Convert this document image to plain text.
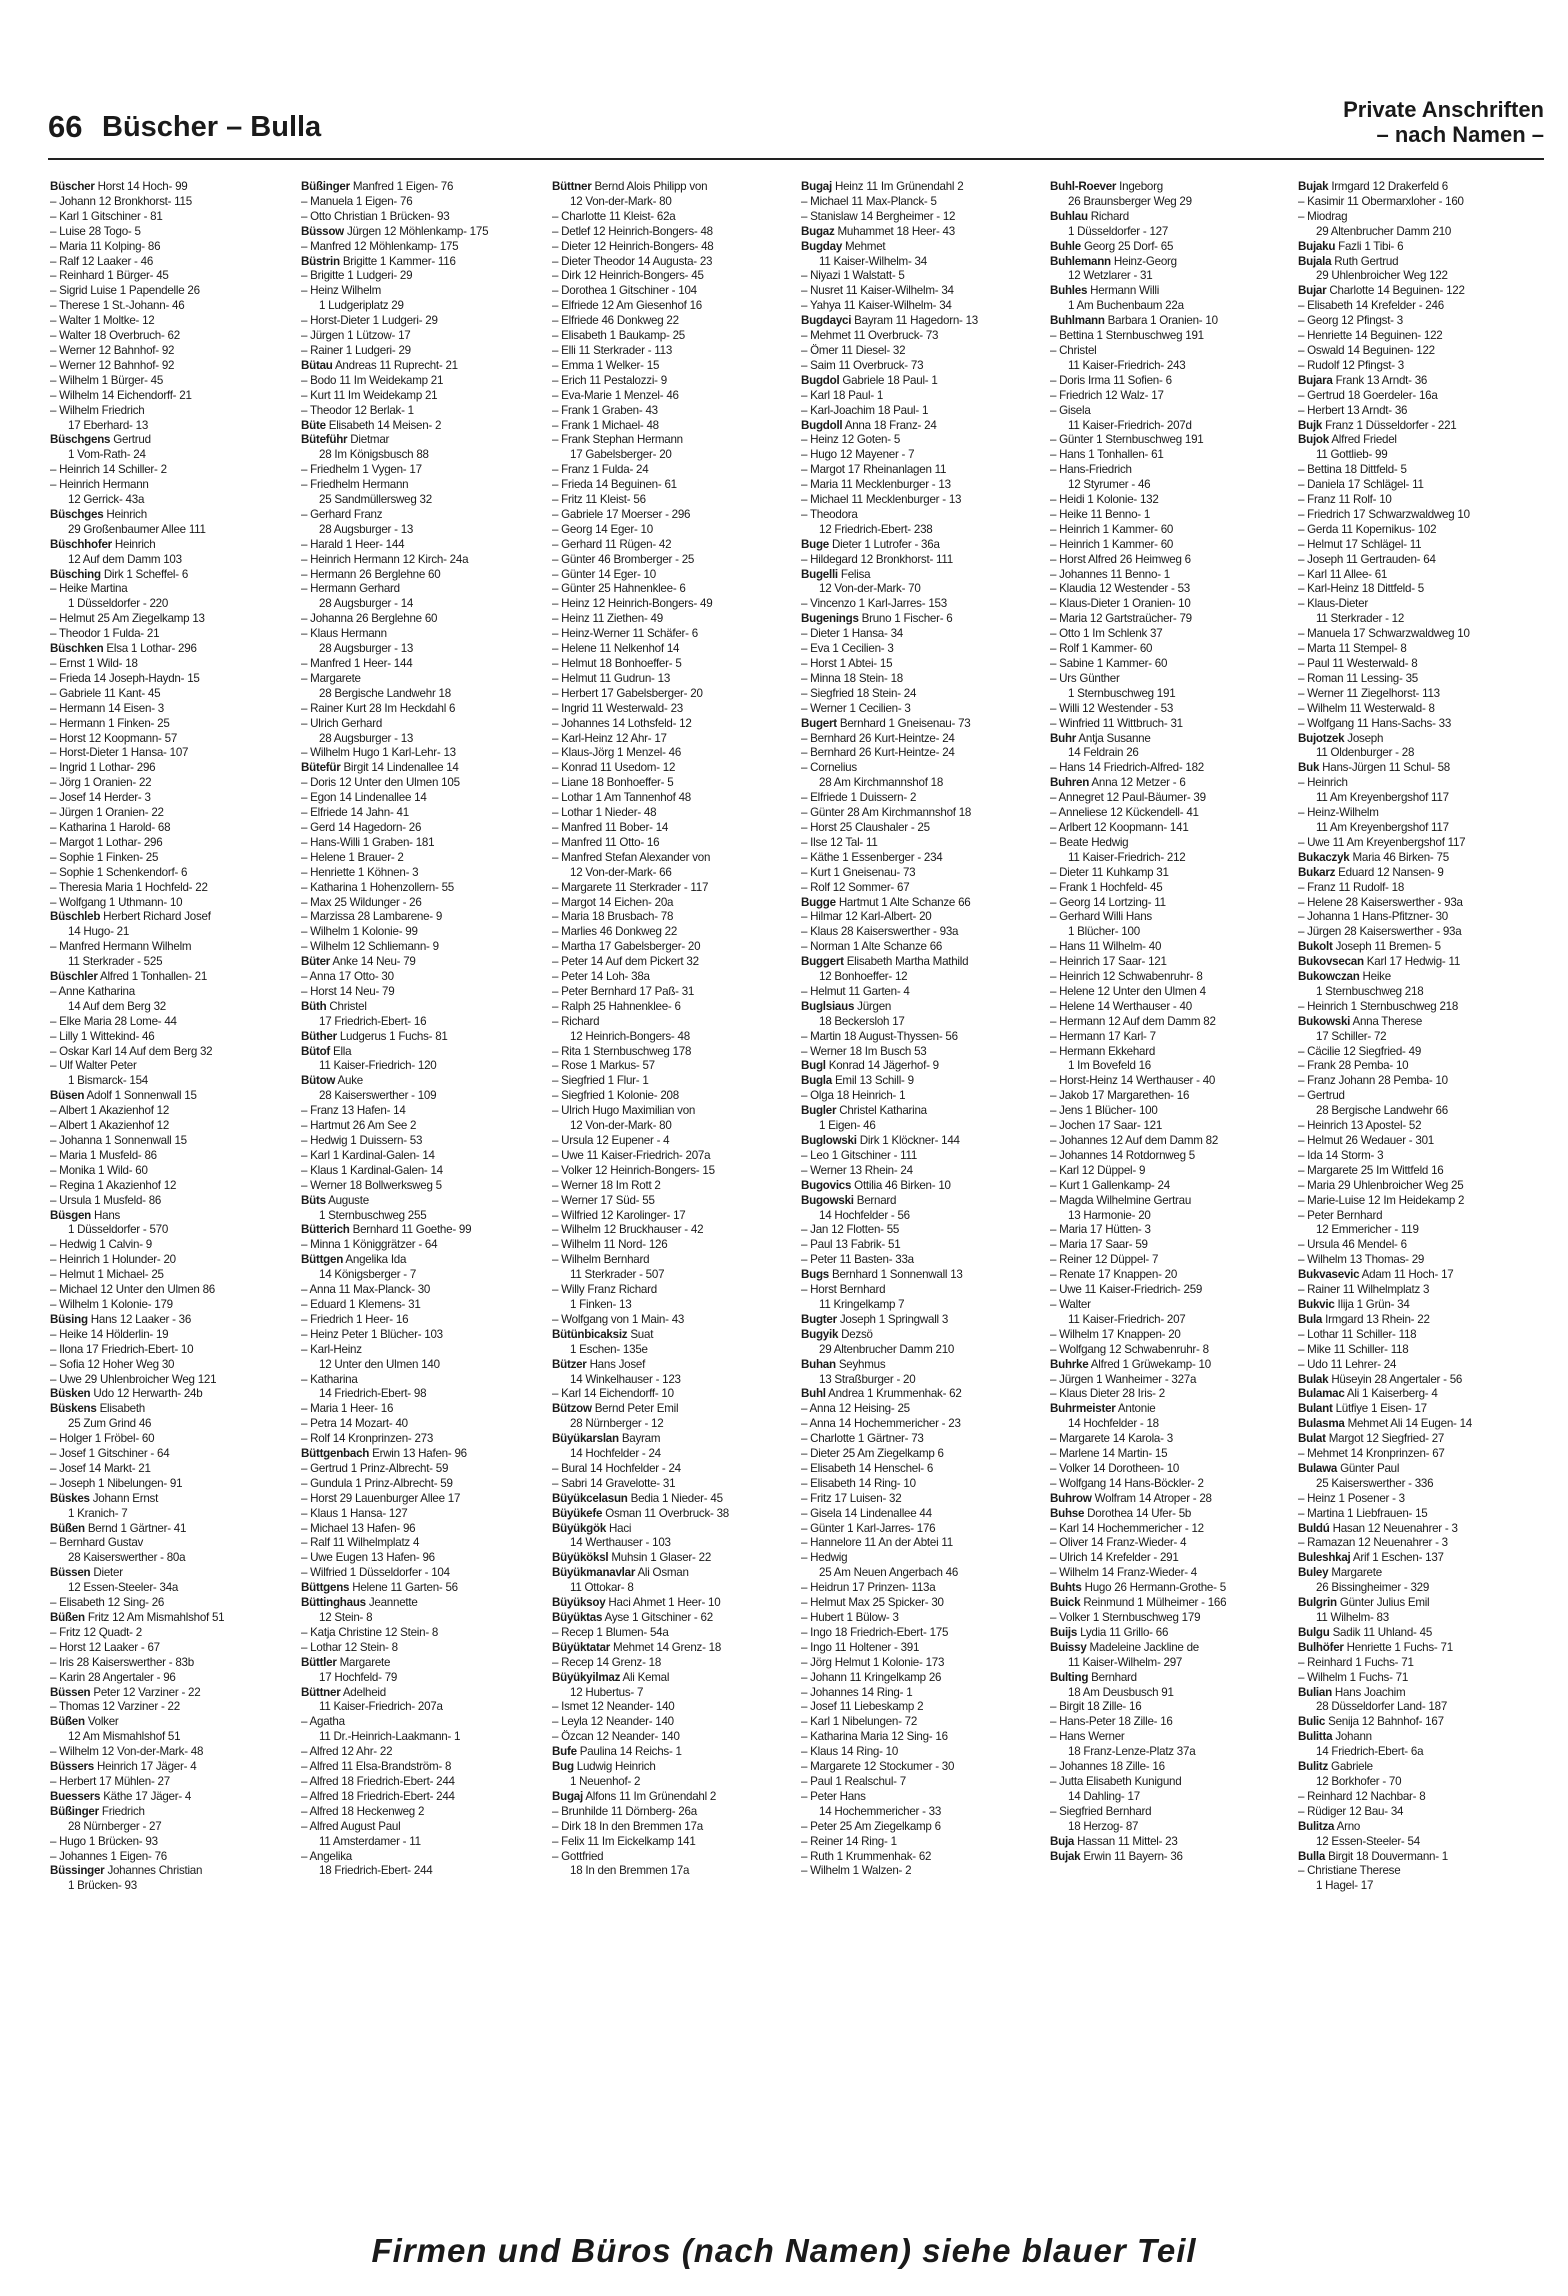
66 Büscher – Bulla
Private Anschriften
– nach Namen –
Büscher Horst 14 Hoch- 99
– Johann 12 Bronkhorst- 115
– Karl 1 Gitschiner - 81
– Luise 28 Togo- 5
– Maria 11 Kolping- 86
– Ralf 12 Laaker - 46
– Reinhard 1 Bürger- 45
– Sigrid Luise 1 Papendelle 26
– Therese 1 St.-Johann- 46
– Walter 1 Moltke- 12
– Walter 18 Overbruch- 62
– Werner 12 Bahnhof- 92
– Werner 12 Bahnhof- 92
– Wilhelm 1 Bürger- 45
– Wilhelm 14 Eichendorff- 21
– Wilhelm Friedrich
17 Eberhard- 13
Büschgens Gertrud
1 Vom-Rath- 24
– Heinrich 14 Schiller- 2
– Heinrich Hermann
12 Gerrick- 43a
Büschges Heinrich
29 Großenbaumer Allee 111
Büschhofer Heinrich
12 Auf dem Damm 103
Büsching Dirk 1 Scheffel- 6
– Heike Martina
1 Düsseldorfer - 220
– Helmut 25 Am Ziegelkamp 13
– Theodor 1 Fulda- 21
Büschken Elsa 1 Lothar- 296
– Ernst 1 Wild- 18
– Frieda 14 Joseph-Haydn- 15
– Gabriele 11 Kant- 45
– Hermann 14 Eisen- 3
– Hermann 1 Finken- 25
– Horst 12 Koopmann- 57
– Horst-Dieter 1 Hansa- 107
– Ingrid 1 Lothar- 296
– Jörg 1 Oranien- 22
– Josef 14 Herder- 3
– Jürgen 1 Oranien- 22
– Katharina 1 Harold- 68
– Margot 1 Lothar- 296
– Sophie 1 Finken- 25
– Sophie 1 Schenkendorf- 6
– Theresia Maria 1 Hochfeld- 22
– Wolfgang 1 Uthmann- 10
Büschleb Herbert Richard Josef
14 Hugo- 21
– Manfred Hermann Wilhelm
11 Sterkrader - 525
Büschler Alfred 1 Tonhallen- 21
– Anne Katharina
14 Auf dem Berg 32
– Elke Maria 28 Lome- 44
– Lilly 1 Wittekind- 46
– Oskar Karl 14 Auf dem Berg 32
– Ulf Walter Peter
1 Bismarck- 154
Büsen Adolf 1 Sonnenwall 15
– Albert 1 Akazienhof 12
– Albert 1 Akazienhof 12
– Johanna 1 Sonnenwall 15
– Maria 1 Musfeld- 86
– Monika 1 Wild- 60
– Regina 1 Akazienhof 12
– Ursula 1 Musfeld- 86
Büsgen Hans
1 Düsseldorfer - 570
– Hedwig 1 Calvin- 9
– Heinrich 1 Holunder- 20
– Helmut 1 Michael- 25
– Michael 12 Unter den Ulmen 86
– Wilhelm 1 Kolonie- 179
Büsing Hans 12 Laaker - 36
– Heike 14 Hölderlin- 19
– Ilona 17 Friedrich-Ebert- 10
– Sofia 12 Hoher Weg 30
– Uwe 29 Uhlenbroicher Weg 121
Büsken Udo 12 Herwarth- 24b
Büskens Elisabeth
25 Zum Grind 46
– Holger 1 Fröbel- 60
– Josef 1 Gitschiner - 64
– Josef 14 Markt- 21
– Joseph 1 Nibelungen- 91
Büskes Johann Ernst
1 Kranich- 7
Büßen Bernd 1 Gärtner- 41
– Bernhard Gustav
28 Kaiserswerther - 80a
Büssen Dieter
12 Essen-Steeler- 34a
– Elisabeth 12 Sing- 26
Büßen Fritz 12 Am Mismahlshof 51
– Fritz 12 Quadt- 2
– Horst 12 Laaker - 67
– Iris 28 Kaiserswerther - 83b
– Karin 28 Angertaler - 96
Büssen Peter 12 Varziner - 22
– Thomas 12 Varziner - 22
Büßen Volker
12 Am Mismahlshof 51
– Wilhelm 12 Von-der-Mark- 48
Büssers Heinrich 17 Jäger- 4
– Herbert 17 Mühlen- 27
Buessers Käthe 17 Jäger- 4
Büßinger Friedrich
28 Nürnberger - 27
– Hugo 1 Brücken- 93
– Johannes 1 Eigen- 76
Büssinger Johannes Christian
1 Brücken- 93
Büßinger Manfred 1 Eigen- 76
– Manuela 1 Eigen- 76
– Otto Christian 1 Brücken- 93
Büssow Jürgen 12 Möhlenkamp- 175
– Manfred 12 Möhlenkamp- 175
Büstrin Brigitte 1 Kammer- 116
– Brigitte 1 Ludgeri- 29
– Heinz Wilhelm
1 Ludgeriplatz 29
– Horst-Dieter 1 Ludgeri- 29
– Jürgen 1 Lützow- 17
– Rainer 1 Ludgeri- 29
Bütau Andreas 11 Ruprecht- 21
– Bodo 11 Im Weidekamp 21
– Kurt 11 Im Weidekamp 21
– Theodor 12 Berlak- 1
Büte Elisabeth 14 Meisen- 2
Büteführ Dietmar
28 Im Königsbusch 88
– Friedhelm 1 Vygen- 17
– Friedhelm Hermann
25 Sandmüllersweg 32
– Gerhard Franz
28 Augsburger - 13
– Harald 1 Heer- 144
– Heinrich Hermann 12 Kirch- 24a
– Hermann 26 Berglehne 60
– Hermann Gerhard
28 Augsburger - 14
– Johanna 26 Berglehne 60
– Klaus Hermann
28 Augsburger - 13
– Manfred 1 Heer- 144
– Margarete
28 Bergische Landwehr 18
– Rainer Kurt 28 Im Heckdahl 6
– Ulrich Gerhard
28 Augsburger - 13
– Wilhelm Hugo 1 Karl-Lehr- 13
Bütefür Birgit 14 Lindenallee 14
– Doris 12 Unter den Ulmen 105
– Egon 14 Lindenallee 14
– Elfriede 14 Jahn- 41
– Gerd 14 Hagedorn- 26
– Hans-Willi 1 Graben- 181
– Helene 1 Brauer- 2
– Henriette 1 Köhnen- 3
– Katharina 1 Hohenzollern- 55
– Max 25 Wildunger - 26
– Marzissa 28 Lambarene- 9
– Wilhelm 1 Kolonie- 99
– Wilhelm 12 Schliemann- 9
Büter Anke 14 Neu- 79
– Anna 17 Otto- 30
– Horst 14 Neu- 79
Büth Christel
17 Friedrich-Ebert- 16
Büther Ludgerus 1 Fuchs- 81
Bütof Ella
11 Kaiser-Friedrich- 120
Bütow Auke
28 Kaiserswerther - 109
– Franz 13 Hafen- 14
– Hartmut 26 Am See 2
– Hedwig 1 Duissern- 53
– Karl 1 Kardinal-Galen- 14
– Klaus 1 Kardinal-Galen- 14
– Werner 18 Bollwerksweg 5
Büts Auguste
1 Sternbuschweg 255
Bütterich Bernhard 11 Goethe- 99
– Minna 1 Königgrätzer - 64
Büttgen Angelika Ida
14 Königsberger - 7
– Anna 11 Max-Planck- 30
– Eduard 1 Klemens- 31
– Friedrich 1 Heer- 16
– Heinz Peter 1 Blücher- 103
– Karl-Heinz
12 Unter den Ulmen 140
– Katharina
14 Friedrich-Ebert- 98
– Maria 1 Heer- 16
– Petra 14 Mozart- 40
– Rolf 14 Kronprinzen- 273
Büttgenbach Erwin 13 Hafen- 96
– Gertrud 1 Prinz-Albrecht- 59
– Gundula 1 Prinz-Albrecht- 59
– Horst 29 Lauenburger Allee 17
– Klaus 1 Hansa- 127
– Michael 13 Hafen- 96
– Ralf 11 Wilhelmplatz 4
– Uwe Eugen 13 Hafen- 96
– Wilfried 1 Düsseldorfer - 104
Büttgens Helene 11 Garten- 56
Büttinghaus Jeannette
12 Stein- 8
– Katja Christine 12 Stein- 8
– Lothar 12 Stein- 8
Büttler Margarete
17 Hochfeld- 79
Büttner Adelheid
11 Kaiser-Friedrich- 207a
– Agatha
11 Dr.-Heinrich-Laakmann- 1
– Alfred 12 Ahr- 22
– Alfred 11 Elsa-Brandström- 8
– Alfred 18 Friedrich-Ebert- 244
– Alfred 18 Friedrich-Ebert- 244
– Alfred 18 Heckenweg 2
– Alfred August Paul
11 Amsterdamer - 11
– Angelika
18 Friedrich-Ebert- 244
Büttner Bernd Alois Philipp von
12 Von-der-Mark- 80
– Charlotte 11 Kleist- 62a
– Detlef 12 Heinrich-Bongers- 48
– Dieter 12 Heinrich-Bongers- 48
– Dieter Theodor 14 Augusta- 23
– Dirk 12 Heinrich-Bongers- 45
– Dorothea 1 Gitschiner - 104
– Elfriede 12 Am Giesenhof 16
– Elfriede 46 Donkweg 22
– Elisabeth 1 Baukamp- 25
– Elli 11 Sterkrader - 113
– Emma 1 Welker- 15
– Erich 11 Pestalozzi- 9
– Eva-Marie 1 Menzel- 46
– Frank 1 Graben- 43
– Frank 1 Michael- 48
– Frank Stephan Hermann
17 Gabelsberger- 20
– Franz 1 Fulda- 24
– Frieda 14 Beguinen- 61
– Fritz 11 Kleist- 56
– Gabriele 17 Moerser - 296
– Georg 14 Eger- 10
– Gerhard 11 Rügen- 42
– Günter 46 Bromberger - 25
– Günter 14 Eger- 10
– Günter 25 Hahnenklee- 6
– Heinz 12 Heinrich-Bongers- 49
– Heinz 11 Ziethen- 49
– Heinz-Werner 11 Schäfer- 6
– Helene 11 Nelkenhof 14
– Helmut 18 Bonhoeffer- 5
– Helmut 11 Gudrun- 13
– Herbert 17 Gabelsberger- 20
– Ingrid 11 Westerwald- 23
– Johannes 14 Lothsfeld- 12
– Karl-Heinz 12 Ahr- 17
– Klaus-Jörg 1 Menzel- 46
– Konrad 11 Usedom- 12
– Liane 18 Bonhoeffer- 5
– Lothar 1 Am Tannenhof 48
– Lothar 1 Nieder- 48
– Manfred 11 Bober- 14
– Manfred 11 Otto- 16
– Manfred Stefan Alexander von
12 Von-der-Mark- 66
– Margarete 11 Sterkrader - 117
– Margot 14 Eichen- 20a
– Maria 18 Brusbach- 78
– Marlies 46 Donkweg 22
– Martha 17 Gabelsberger- 20
– Peter 14 Auf dem Pickert 32
– Peter 14 Loh- 38a
– Peter Bernhard 17 Paß- 31
– Ralph 25 Hahnenklee- 6
– Richard
12 Heinrich-Bongers- 48
– Rita 1 Sternbuschweg 178
– Rose 1 Markus- 57
– Siegfried 1 Flur- 1
– Siegfried 1 Kolonie- 208
– Ulrich Hugo Maximilian von
12 Von-der-Mark- 80
– Ursula 12 Eupener - 4
– Uwe 11 Kaiser-Friedrich- 207a
– Volker 12 Heinrich-Bongers- 15
– Werner 18 Im Rott 2
– Werner 17 Süd- 55
– Wilfried 12 Karolinger- 17
– Wilhelm 12 Bruckhauser - 42
– Wilhelm 11 Nord- 126
– Wilhelm Bernhard
11 Sterkrader - 507
– Willy Franz Richard
1 Finken- 13
– Wolfgang von 1 Main- 43
Bütünbicaksiz Suat
1 Eschen- 135e
Bützer Hans Josef
14 Winkelhauser - 123
– Karl 14 Eichendorff- 10
Bützow Bernd Peter Emil
28 Nürnberger - 12
Büyükarslan Bayram
14 Hochfelder - 24
– Bural 14 Hochfelder - 24
– Sabri 14 Gravelotte- 31
Büyükcelasun Bedia 1 Nieder- 45
Büyükefe Osman 11 Overbruck- 38
Büyükgök Haci
14 Werthauser - 103
Büyüköksl Muhsin 1 Glaser- 22
Büyükmanavlar Ali Osman
11 Ottokar- 8
Büyüksoy Haci Ahmet 1 Heer- 10
Büyüktas Ayse 1 Gitschiner - 62
– Recep 1 Blumen- 54a
Büyüktatar Mehmet 14 Grenz- 18
– Recep 14 Grenz- 18
Büyükyilmaz Ali Kemal
12 Hubertus- 7
– Ismet 12 Neander- 140
– Leyla 12 Neander- 140
– Özcan 12 Neander- 140
Bufe Paulina 14 Reichs- 1
Bug Ludwig Heinrich
1 Neuenhof- 2
Bugaj Alfons 11 Im Grünendahl 2
– Brunhilde 11 Dörnberg- 26a
– Dirk 18 In den Bremmen 17a
– Felix 11 Im Eickelkamp 141
– Gottfried
18 In den Bremmen 17a
Bugaj Heinz 11 Im Grünendahl 2
– Michael 11 Max-Planck- 5
– Stanislaw 14 Bergheimer - 12
Bugaz Muhammet 18 Heer- 43
Bugday Mehmet
11 Kaiser-Wilhelm- 34
– Niyazi 1 Walstatt- 5
– Nusret 11 Kaiser-Wilhelm- 34
– Yahya 11 Kaiser-Wilhelm- 34
Bugdayci Bayram 11 Hagedorn- 13
– Mehmet 11 Overbruck- 73
– Ömer 11 Diesel- 32
– Saim 11 Overbruck- 73
Bugdol Gabriele 18 Paul- 1
– Karl 18 Paul- 1
– Karl-Joachim 18 Paul- 1
Bugdoll Anna 18 Franz- 24
– Heinz 12 Goten- 5
– Hugo 12 Mayener - 7
– Margot 17 Rheinanlagen 11
– Maria 11 Mecklenburger - 13
– Michael 11 Mecklenburger - 13
– Theodora
12 Friedrich-Ebert- 238
Buge Dieter 1 Lutrofer - 36a
– Hildegard 12 Bronkhorst- 111
Bugelli Felisa
12 Von-der-Mark- 70
– Vincenzo 1 Karl-Jarres- 153
Bugenings Bruno 1 Fischer- 6
– Dieter 1 Hansa- 34
– Eva 1 Cecilien- 3
– Horst 1 Abtei- 15
– Minna 18 Stein- 18
– Siegfried 18 Stein- 24
– Werner 1 Cecilien- 3
Bugert Bernhard 1 Gneisenau- 73
– Bernhard 26 Kurt-Heintze- 24
– Bernhard 26 Kurt-Heintze- 24
– Cornelius
28 Am Kirchmannshof 18
– Elfriede 1 Duissern- 2
– Günter 28 Am Kirchmannshof 18
– Horst 25 Claushaler - 25
– Ilse 12 Tal- 11
– Käthe 1 Essenberger - 234
– Kurt 1 Gneisenau- 73
– Rolf 12 Sommer- 67
Bugge Hartmut 1 Alte Schanze 66
– Hilmar 12 Karl-Albert- 20
– Klaus 28 Kaiserswerther - 93a
– Norman 1 Alte Schanze 66
Buggert Elisabeth Martha Mathild
12 Bonhoeffer- 12
– Helmut 11 Garten- 4
Buglsiaus Jürgen
18 Beckersloh 17
– Martin 18 August-Thyssen- 56
– Werner 18 Im Busch 53
Bugl Konrad 14 Jägerhof- 9
Bugla Emil 13 Schill- 9
– Olga 18 Heinrich- 1
Bugler Christel Katharina
1 Eigen- 46
Buglowski Dirk 1 Klöckner- 144
– Leo 1 Gitschiner - 111
– Werner 13 Rhein- 24
Bugovics Ottilia 46 Birken- 10
Bugowski Bernard
14 Hochfelder - 56
– Jan 12 Flotten- 55
– Paul 13 Fabrik- 51
– Peter 11 Basten- 33a
Bugs Bernhard 1 Sonnenwall 13
– Horst Bernhard
11 Kringelkamp 7
Bugter Joseph 1 Springwall 3
Bugyik Dezsö
29 Altenbrucher Damm 210
Buhan Seyhmus
13 Straßburger - 20
Buhl Andrea 1 Krummenhak- 62
– Anna 12 Heising- 25
– Anna 14 Hochemmericher - 23
– Charlotte 1 Gärtner- 73
– Dieter 25 Am Ziegelkamp 6
– Elisabeth 14 Henschel- 6
– Elisabeth 14 Ring- 10
– Fritz 17 Luisen- 32
– Gisela 14 Lindenallee 44
– Günter 1 Karl-Jarres- 176
– Hannelore 11 An der Abtei 11
– Hedwig
25 Am Neuen Angerbach 46
– Heidrun 17 Prinzen- 113a
– Helmut Max 25 Spicker- 30
– Hubert 1 Bülow- 3
– Ingo 18 Friedrich-Ebert- 175
– Ingo 11 Holtener - 391
– Jörg Helmut 1 Kolonie- 173
– Johann 11 Kringelkamp 26
– Johannes 14 Ring- 1
– Josef 11 Liebeskamp 2
– Karl 1 Nibelungen- 72
– Katharina Maria 12 Sing- 16
– Klaus 14 Ring- 10
– Margarete 12 Stockumer - 30
– Paul 1 Realschul- 7
– Peter Hans
14 Hochemmericher - 33
– Peter 25 Am Ziegelkamp 6
– Reiner 14 Ring- 1
– Ruth 1 Krummenhak- 62
– Wilhelm 1 Walzen- 2
Buhl-Roever Ingeborg
26 Braunsberger Weg 29
Buhlau Richard
1 Düsseldorfer - 127
Buhle Georg 25 Dorf- 65
Buhlemann Heinz-Georg
12 Wetzlarer - 31
Buhles Hermann Willi
1 Am Buchenbaum 22a
Buhlmann Barbara 1 Oranien- 10
– Bettina 1 Sternbuschweg 191
– Christel
11 Kaiser-Friedrich- 243
– Doris Irma 11 Sofien- 6
– Friedrich 12 Walz- 17
– Gisela
11 Kaiser-Friedrich- 207d
– Günter 1 Sternbuschweg 191
– Hans 1 Tonhallen- 61
– Hans-Friedrich
12 Styrumer - 46
– Heidi 1 Kolonie- 132
– Heike 11 Benno- 1
– Heinrich 1 Kammer- 60
– Heinrich 1 Kammer- 60
– Horst Alfred 26 Heimweg 6
– Johannes 11 Benno- 1
– Klaudia 12 Westender - 53
– Klaus-Dieter 1 Oranien- 10
– Maria 12 Gartstraücher- 79
– Otto 1 Im Schlenk 37
– Rolf 1 Kammer- 60
– Sabine 1 Kammer- 60
– Urs Günther
1 Sternbuschweg 191
– Willi 12 Westender - 53
– Winfried 11 Wittbruch- 31
Buhr Antja Susanne
14 Feldrain 26
– Hans 14 Friedrich-Alfred- 182
Buhren Anna 12 Metzer - 6
– Annegret 12 Paul-Bäumer- 39
– Anneliese 12 Kückendell- 41
– Arlbert 12 Koopmann- 141
– Beate Hedwig
11 Kaiser-Friedrich- 212
– Dieter 11 Kuhkamp 31
– Frank 1 Hochfeld- 45
– Georg 14 Lortzing- 11
– Gerhard Willi Hans
1 Blücher- 100
– Hans 11 Wilhelm- 40
– Heinrich 17 Saar- 121
– Heinrich 12 Schwabenruhr- 8
– Helene 12 Unter den Ulmen 4
– Helene 14 Werthauser - 40
– Hermann 12 Auf dem Damm 82
– Hermann 17 Karl- 7
– Hermann Ekkehard
1 Im Bovefeld 16
– Horst-Heinz 14 Werthauser - 40
– Jakob 17 Margarethen- 16
– Jens 1 Blücher- 100
– Jochen 17 Saar- 121
– Johannes 12 Auf dem Damm 82
– Johannes 14 Rotdornweg 5
– Karl 12 Düppel- 9
– Kurt 1 Gallenkamp- 24
– Magda Wilhelmine Gertrau
13 Harmonie- 20
– Maria 17 Hütten- 3
– Maria 17 Saar- 59
– Reiner 12 Düppel- 7
– Renate 17 Knappen- 20
– Uwe 11 Kaiser-Friedrich- 259
– Walter
11 Kaiser-Friedrich- 207
– Wilhelm 17 Knappen- 20
– Wolfgang 12 Schwabenruhr- 8
Buhrke Alfred 1 Grüwekamp- 10
– Jürgen 1 Wanheimer - 327a
– Klaus Dieter 28 Iris- 2
Buhrmeister Antonie
14 Hochfelder - 18
– Margarete 14 Karola- 3
– Marlene 14 Martin- 15
– Volker 14 Dorotheen- 10
– Wolfgang 14 Hans-Böckler- 2
Buhrow Wolfram 14 Atroper - 28
Buhse Dorothea 14 Ufer- 5b
– Karl 14 Hochemmericher - 12
– Oliver 14 Franz-Wieder- 4
– Ulrich 14 Krefelder - 291
– Wilhelm 14 Franz-Wieder- 4
Buhts Hugo 26 Hermann-Grothe- 5
Buick Reinmund 1 Mülheimer - 166
– Volker 1 Sternbuschweg 179
Buijs Lydia 11 Grillo- 66
Buissy Madeleine Jackline de
11 Kaiser-Wilhelm- 297
Bulting Bernhard
18 Am Deusbusch 91
– Birgit 18 Zille- 16
– Hans-Peter 18 Zille- 16
– Hans Werner
18 Franz-Lenze-Platz 37a
– Johannes 18 Zille- 16
– Jutta Elisabeth Kunigund
14 Dahling- 17
– Siegfried Bernhard
18 Herzog- 87
Buja Hassan 11 Mittel- 23
Bujak Erwin 11 Bayern- 36
Bujak Irmgard 12 Drakerfeld 6
– Kasimir 11 Obermarxloher - 160
– Miodrag
29 Altenbrucher Damm 210
Bujaku Fazli 1 Tibi- 6
Bujala Ruth Gertrud
29 Uhlenbroicher Weg 122
Bujar Charlotte 14 Beguinen- 122
– Elisabeth 14 Krefelder - 246
– Georg 12 Pfingst- 3
– Henriette 14 Beguinen- 122
– Oswald 14 Beguinen- 122
– Rudolf 12 Pfingst- 3
Bujara Frank 13 Arndt- 36
– Gertrud 18 Goerdeler- 16a
– Herbert 13 Arndt- 36
Bujk Franz 1 Düsseldorfer - 221
Bujok Alfred Friedel
11 Gottlieb- 99
– Bettina 18 Dittfeld- 5
– Daniela 17 Schlägel- 11
– Franz 11 Rolf- 10
– Friedrich 17 Schwarzwaldweg 10
– Gerda 11 Kopernikus- 102
– Helmut 17 Schlägel- 11
– Joseph 11 Gertrauden- 64
– Karl 11 Allee- 61
– Karl-Heinz 18 Dittfeld- 5
– Klaus-Dieter
11 Sterkrader - 12
– Manuela 17 Schwarzwaldweg 10
– Marta 11 Stempel- 8
– Paul 11 Westerwald- 8
– Roman 11 Lessing- 35
– Werner 11 Ziegelhorst- 113
– Wilhelm 11 Westerwald- 8
– Wolfgang 11 Hans-Sachs- 33
Bujotzek Joseph
11 Oldenburger - 28
Buk Hans-Jürgen 11 Schul- 58
– Heinrich
11 Am Kreyenbergshof 117
– Heinz-Wilhelm
11 Am Kreyenbergshof 117
– Uwe 11 Am Kreyenbergshof 117
Bukaczyk Maria 46 Birken- 75
Bukarz Eduard 12 Nansen- 9
– Franz 11 Rudolf- 18
– Helene 28 Kaiserswerther - 93a
– Johanna 1 Hans-Pfitzner- 30
– Jürgen 28 Kaiserswerther - 93a
Bukolt Joseph 11 Bremen- 5
Bukovsecan Karl 17 Hedwig- 11
Bukowczan Heike
1 Sternbuschweg 218
– Heinrich 1 Sternbuschweg 218
Bukowski Anna Therese
17 Schiller- 72
– Cäcilie 12 Siegfried- 49
– Frank 28 Pemba- 10
– Franz Johann 28 Pemba- 10
– Gertrud
28 Bergische Landwehr 66
– Heinrich 13 Apostel- 52
– Helmut 26 Wedauer - 301
– Ida 14 Storm- 3
– Margarete 25 Im Wittfeld 16
– Maria 29 Uhlenbroicher Weg 25
– Marie-Luise 12 Im Heidekamp 2
– Peter Bernhard
12 Emmericher - 119
– Ursula 46 Mendel- 6
– Wilhelm 13 Thomas- 29
Bukvasevic Adam 11 Hoch- 17
– Rainer 11 Wilhelmplatz 3
Bukvic Ilija 1 Grün- 34
Bula Irmgard 13 Rhein- 22
– Lothar 11 Schiller- 118
– Mike 11 Schiller- 118
– Udo 11 Lehrer- 24
Bulak Hüseyin 28 Angertaler - 56
Bulamac Ali 1 Kaiserberg- 4
Bulant Lütfiye 1 Eisen- 17
Bulasma Mehmet Ali 14 Eugen- 14
Bulat Margot 12 Siegfried- 27
– Mehmet 14 Kronprinzen- 67
Bulawa Günter Paul
25 Kaiserswerther - 336
– Heinz 1 Posener - 3
– Martina 1 Liebfrauen- 15
Buldú Hasan 12 Neuenahrer - 3
– Ramazan 12 Neuenahrer - 3
Buleshkaj Arif 1 Eschen- 137
Buley Margarete
26 Bissingheimer - 329
Bulgrin Günter Julius Emil
11 Wilhelm- 83
Bulgu Sadik 11 Uhland- 45
Bulhöfer Henriette 1 Fuchs- 71
– Reinhard 1 Fuchs- 71
– Wilhelm 1 Fuchs- 71
Bulian Hans Joachim
28 Düsseldorfer Land- 187
Bulic Senija 12 Bahnhof- 167
Bulitta Johann
14 Friedrich-Ebert- 6a
Bulitz Gabriele
12 Borkhofer - 70
– Reinhard 12 Nachbar- 8
– Rüdiger 12 Bau- 34
Bulitza Arno
12 Essen-Steeler- 54
Bulla Birgit 18 Douvermann- 1
– Christiane Therese
1 Hagel- 17
Firmen und Büros (nach Namen) siehe blauer Teil
